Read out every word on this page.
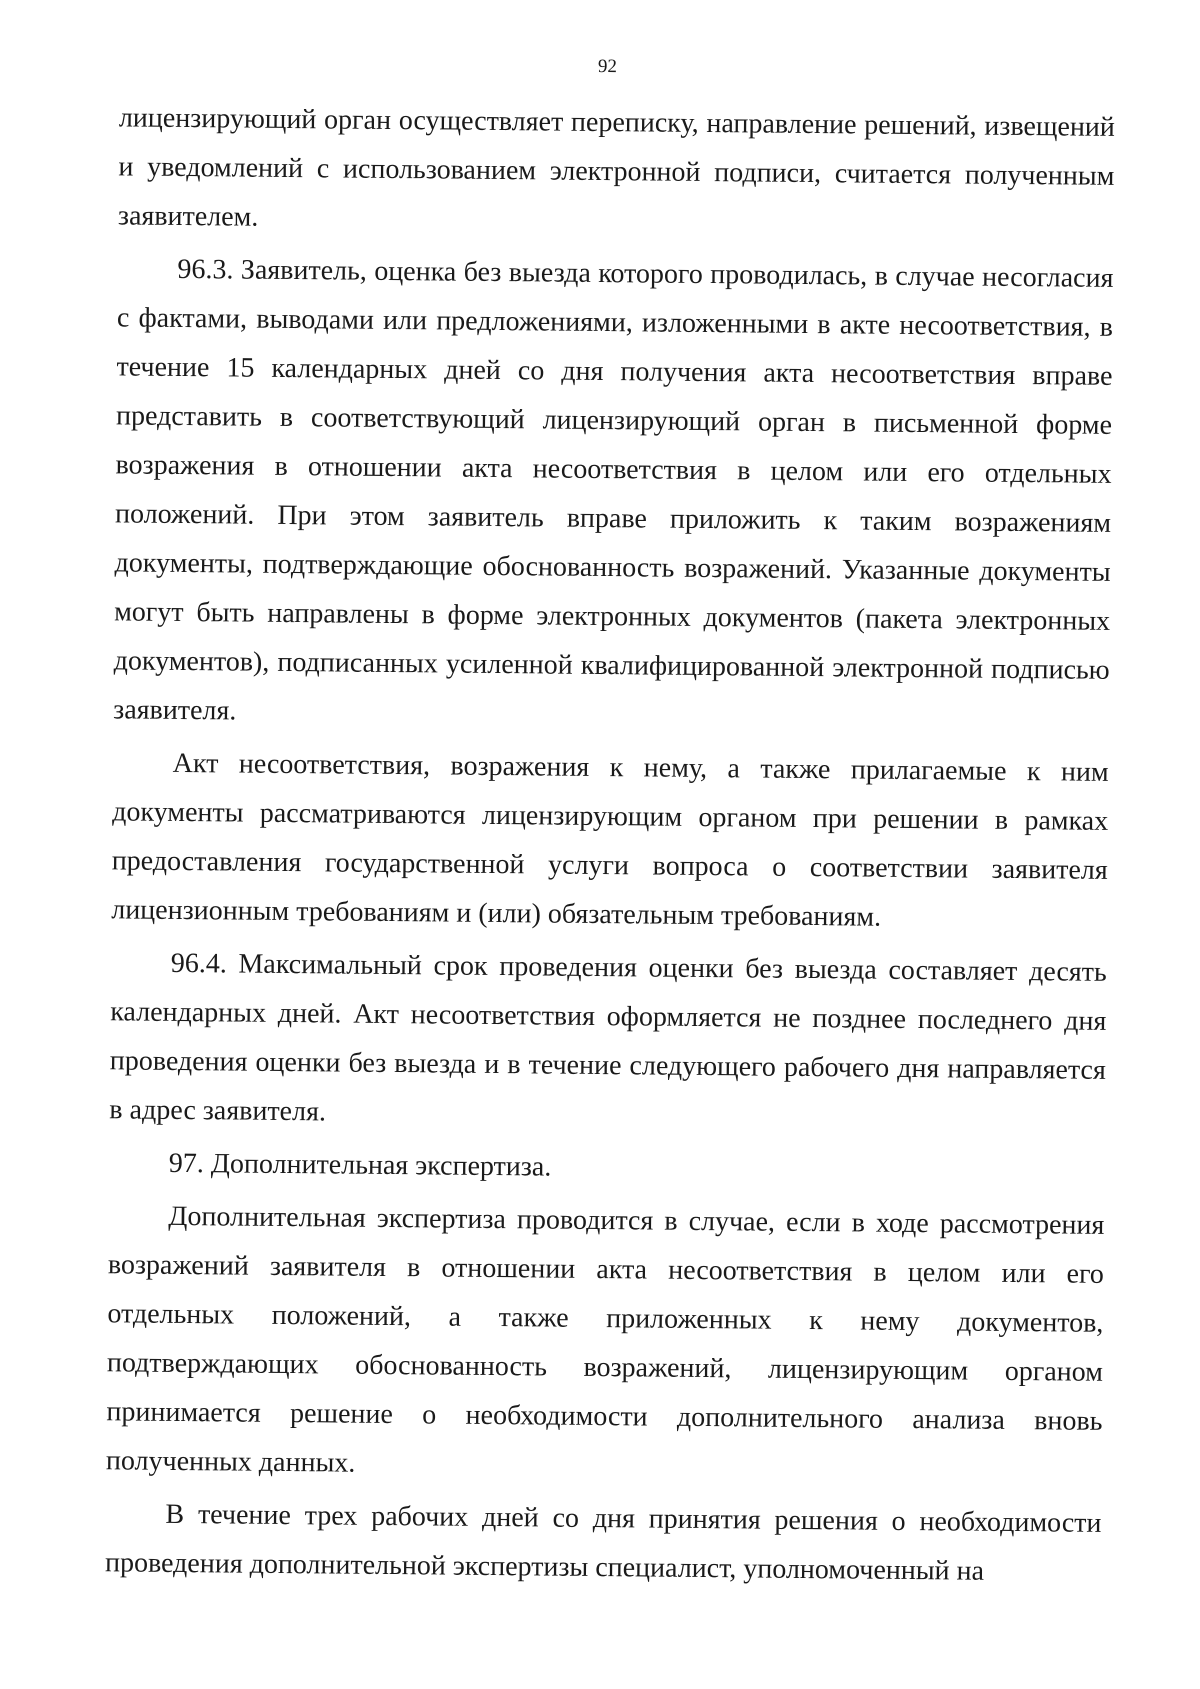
92

лицензирующий орган осуществляет переписку, направление решений, извещений и уведомлений с использованием электронной подписи, считается полученным заявителем.

96.3. Заявитель, оценка без выезда которого проводилась, в случае несогласия с фактами, выводами или предложениями, изложенными в акте несоответствия, в течение 15 календарных дней со дня получения акта несоответствия вправе представить в соответствующий лицензирующий орган в письменной форме возражения в отношении акта несоответствия в целом или его отдельных положений. При этом заявитель вправе приложить к таким возражениям документы, подтверждающие обоснованность возражений. Указанные документы могут быть направлены в форме электронных документов (пакета электронных документов), подписанных усиленной квалифицированной электронной подписью заявителя.

Акт несоответствия, возражения к нему, а также прилагаемые к ним документы рассматриваются лицензирующим органом при решении в рамках предоставления государственной услуги вопроса о соответствии заявителя лицензионным требованиям и (или) обязательным требованиям.

96.4. Максимальный срок проведения оценки без выезда составляет десять календарных дней. Акт несоответствия оформляется не позднее последнего дня проведения оценки без выезда и в течение следующего рабочего дня направляется в адрес заявителя.

97. Дополнительная экспертиза.

Дополнительная экспертиза проводится в случае, если в ходе рассмотрения возражений заявителя в отношении акта несоответствия в целом или его отдельных положений, а также приложенных к нему документов, подтверждающих обоснованность возражений, лицензирующим органом принимается решение о необходимости дополнительного анализа вновь полученных данных.

В течение трех рабочих дней со дня принятия решения о необходимости проведения дополнительной экспертизы специалист, уполномоченный на
